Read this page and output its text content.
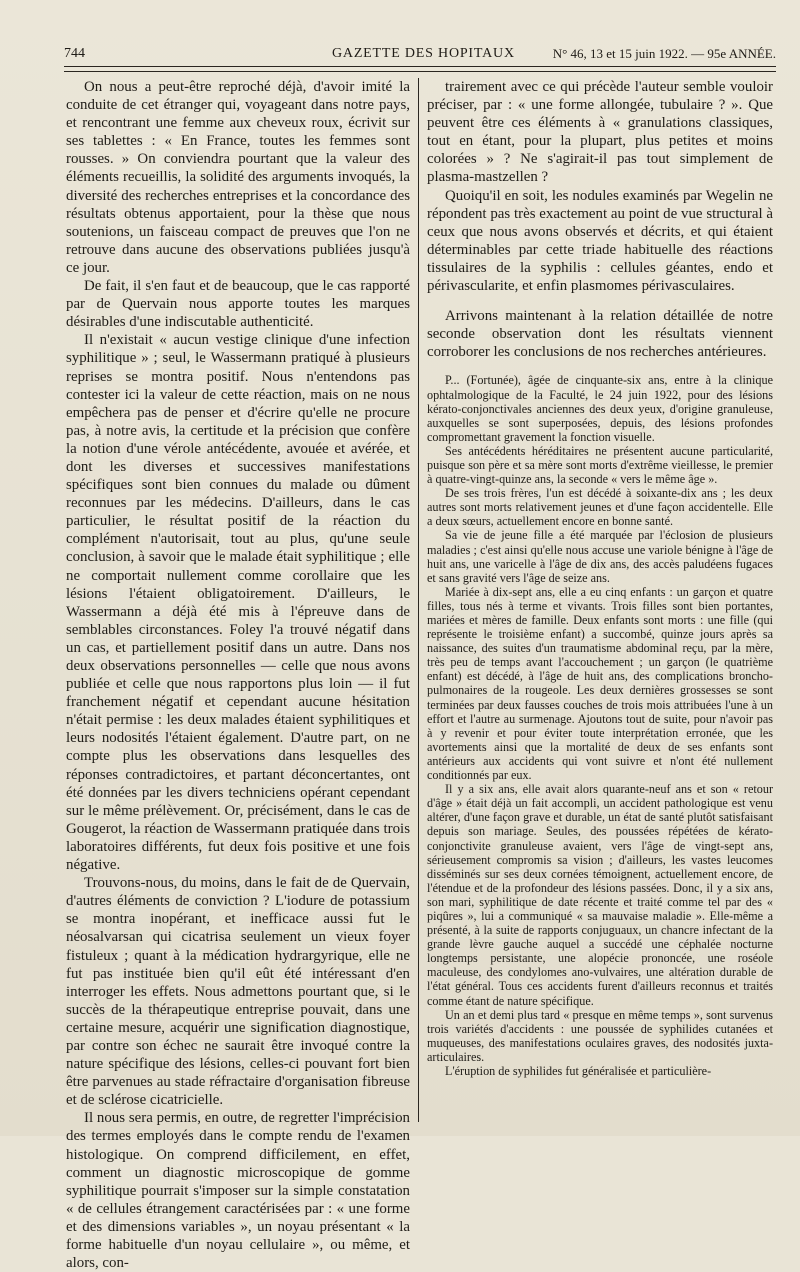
744	GAZETTE DES HOPITAUX	N° 46, 13 et 15 juin 1922. — 95e ANNÉE.

On nous a peut-être reproché déjà, d'avoir imité la conduite de cet étranger qui, voyageant dans notre pays, et rencontrant une femme aux cheveux roux, écrivit sur ses tablettes : « En France, toutes les femmes sont rousses. » On conviendra pourtant que la valeur des éléments recueillis, la solidité des arguments invoqués, la diversité des recherches entreprises et la concordance des résultats obtenus apportaient, pour la thèse que nous soutenions, un faisceau compact de preuves que l'on ne retrouve dans aucune des observations publiées jusqu'à ce jour.

De fait, il s'en faut et de beaucoup, que le cas rapporté par de Quervain nous apporte toutes les marques désirables d'une indiscutable authenticité.

Il n'existait « aucun vestige clinique d'une infection syphilitique » ; seul, le Wassermann pratiqué à plusieurs reprises se montra positif. Nous n'entendons pas contester ici la valeur de cette réaction, mais on ne nous empêchera pas de penser et d'écrire qu'elle ne procure pas, à notre avis, la certitude et la précision que confère la notion d'une vérole antécédente, avouée et avérée, et dont les diverses et successives manifestations spécifiques sont bien connues du malade ou dûment reconnues par les médecins. D'ailleurs, dans le cas particulier, le résultat positif de la réaction du complément n'autorisait, tout au plus, qu'une seule conclusion, à savoir que le malade était syphilitique ; elle ne comportait nullement comme corollaire que les lésions l'étaient obligatoirement. D'ailleurs, le Wassermann a déjà été mis à l'épreuve dans de semblables circonstances. Foley l'a trouvé négatif dans un cas, et partiellement positif dans un autre. Dans nos deux observations personnelles — celle que nous avons publiée et celle que nous rapportons plus loin — il fut franchement négatif et cependant aucune hésitation n'était permise : les deux malades étaient syphilitiques et leurs nodosités l'étaient également. D'autre part, on ne compte plus les observations dans lesquelles des réponses contradictoires, et partant déconcertantes, ont été données par les divers techniciens opérant cependant sur le même prélèvement. Or, précisément, dans le cas de Gougerot, la réaction de Wassermann pratiquée dans trois laboratoires différents, fut deux fois positive et une fois négative.

Trouvons-nous, du moins, dans le fait de de Quervain, d'autres éléments de conviction ? L'iodure de potassium se montra inopérant, et inefficace aussi fut le néosalvarsan qui cicatrisa seulement un vieux foyer fistuleux ; quant à la médication hydrargyrique, elle ne fut pas instituée bien qu'il eût été intéressant d'en interroger les effets. Nous admettons pourtant que, si le succès de la thérapeutique entreprise pouvait, dans une certaine mesure, acquérir une signification diagnostique, par contre son échec ne saurait être invoqué contre la nature spécifique des lésions, celles-ci pouvant fort bien être parvenues au stade réfractaire d'organisation fibreuse et de sclérose cicatricielle.

Il nous sera permis, en outre, de regretter l'imprécision des termes employés dans le compte rendu de l'examen histologique. On comprend difficilement, en effet, comment un diagnostic microscopique de gomme syphilitique pourrait s'imposer sur la simple constatation « de cellules étrangement caractérisées par : « une forme et des dimensions variables », un noyau présentant « la forme habituelle d'un noyau cellulaire », ou même, et alors, con-

trairement avec ce qui précède l'auteur semble vouloir préciser, par : « une forme allongée, tubulaire ? ». Que peuvent être ces éléments à « granulations classiques, tout en étant, pour la plupart, plus petites et moins colorées » ? Ne s'agirait-il pas tout simplement de plasma-mastzellen ?

Quoiqu'il en soit, les nodules examinés par Wegelin ne répondent pas très exactement au point de vue structural à ceux que nous avons observés et décrits, et qui étaient déterminables par cette triade habituelle des réactions tissulaires de la syphilis : cellules géantes, endo et périvascularite, et enfin plasmomes périvasculaires.

Arrivons maintenant à la relation détaillée de notre seconde observation dont les résultats viennent corroborer les conclusions de nos recherches antérieures.

P... (Fortunée), âgée de cinquante-six ans, entre à la clinique ophtalmologique de la Faculté, le 24 juin 1922, pour des lésions kérato-conjonctivales anciennes des deux yeux, d'origine granuleuse, auxquelles se sont superposées, depuis, des lésions profondes compromettant gravement la fonction visuelle.

Ses antécédents héréditaires ne présentent aucune particularité, puisque son père et sa mère sont morts d'extrême vieillesse, le premier à quatre-vingt-quinze ans, la seconde « vers le même âge ».

De ses trois frères, l'un est décédé à soixante-dix ans ; les deux autres sont morts relativement jeunes et d'une façon accidentelle. Elle a deux sœurs, actuellement encore en bonne santé.

Sa vie de jeune fille a été marquée par l'éclosion de plusieurs maladies ; c'est ainsi qu'elle nous accuse une variole bénigne à l'âge de huit ans, une varicelle à l'âge de dix ans, des accès paludéens fugaces et sans gravité vers l'âge de seize ans.

Mariée à dix-sept ans, elle a eu cinq enfants : un garçon et quatre filles, tous nés à terme et vivants. Trois filles sont bien portantes, mariées et mères de famille. Deux enfants sont morts : une fille (qui représente le troisième enfant) a succombé, quinze jours après sa naissance, des suites d'un traumatisme abdominal reçu, par la mère, très peu de temps avant l'accouchement ; un garçon (le quatrième enfant) est décédé, à l'âge de huit ans, des complications broncho-pulmonaires de la rougeole. Les deux dernières grossesses se sont terminées par deux fausses couches de trois mois attribuées l'une à un effort et l'autre au surmenage. Ajoutons tout de suite, pour n'avoir pas à y revenir et pour éviter toute interprétation erronée, que les avortements ainsi que la mortalité de deux de ses enfants sont antérieurs aux accidents qui vont suivre et n'ont été nullement conditionnés par eux.

Il y a six ans, elle avait alors quarante-neuf ans et son « retour d'âge » était déjà un fait accompli, un accident pathologique est venu altérer, d'une façon grave et durable, un état de santé plutôt satisfaisant depuis son mariage. Seules, des poussées répétées de kérato-conjonctivite granuleuse avaient, vers l'âge de vingt-sept ans, sérieusement compromis sa vision ; d'ailleurs, les vastes leucomes disséminés sur ses deux cornées témoignent, actuellement encore, de l'étendue et de la profondeur des lésions passées. Donc, il y a six ans, son mari, syphilitique de date récente et traité comme tel par des « piqûres », lui a communiqué « sa mauvaise maladie ». Elle-même a présenté, à la suite de rapports conjuguaux, un chancre infectant de la grande lèvre gauche auquel a succédé une céphalée nocturne longtemps persistante, une alopécie prononcée, une roséole maculeuse, des condylomes ano-vulvaires, une altération durable de l'état général. Tous ces accidents furent d'ailleurs reconnus et traités comme étant de nature spécifique.

Un an et demi plus tard « presque en même temps », sont survenus trois variétés d'accidents : une poussée de syphilides cutanées et muqueuses, des manifestations oculaires graves, des nodosités juxta-articulaires.

L'éruption de syphilides fut généralisée et particulière-
